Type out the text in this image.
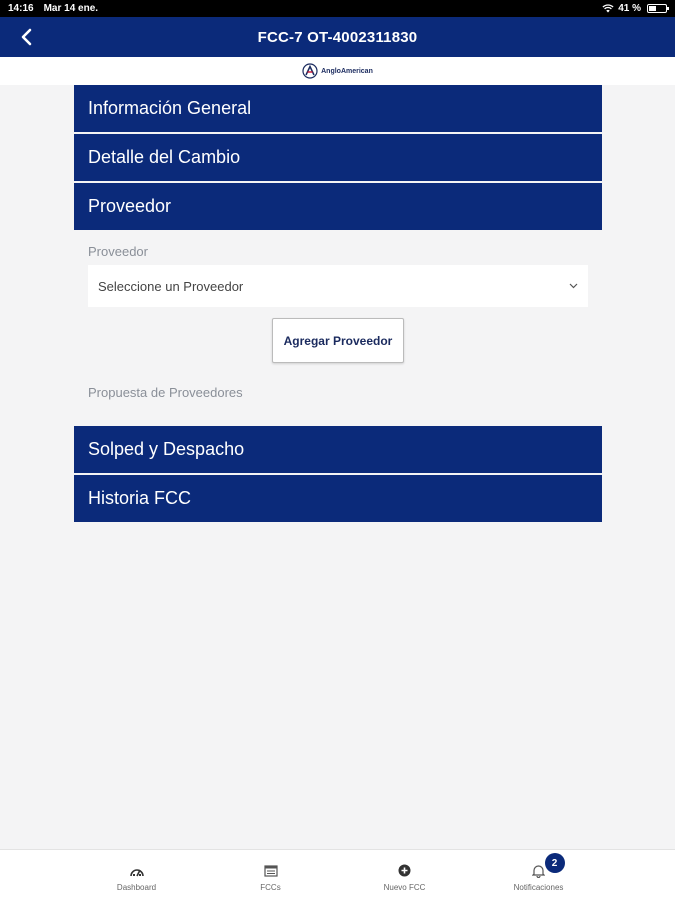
14:16 Mar 14 ene.	41 %
FCC-7 OT-4002311830
AngloAmerican
Información General
Detalle del Cambio
Proveedor
Proveedor
Seleccione un Proveedor
Agregar Proveedor
Propuesta de Proveedores
Solped y Despacho
Historia FCC
Dashboard	FCCs	Nuevo FCC
2
Notificaciones
